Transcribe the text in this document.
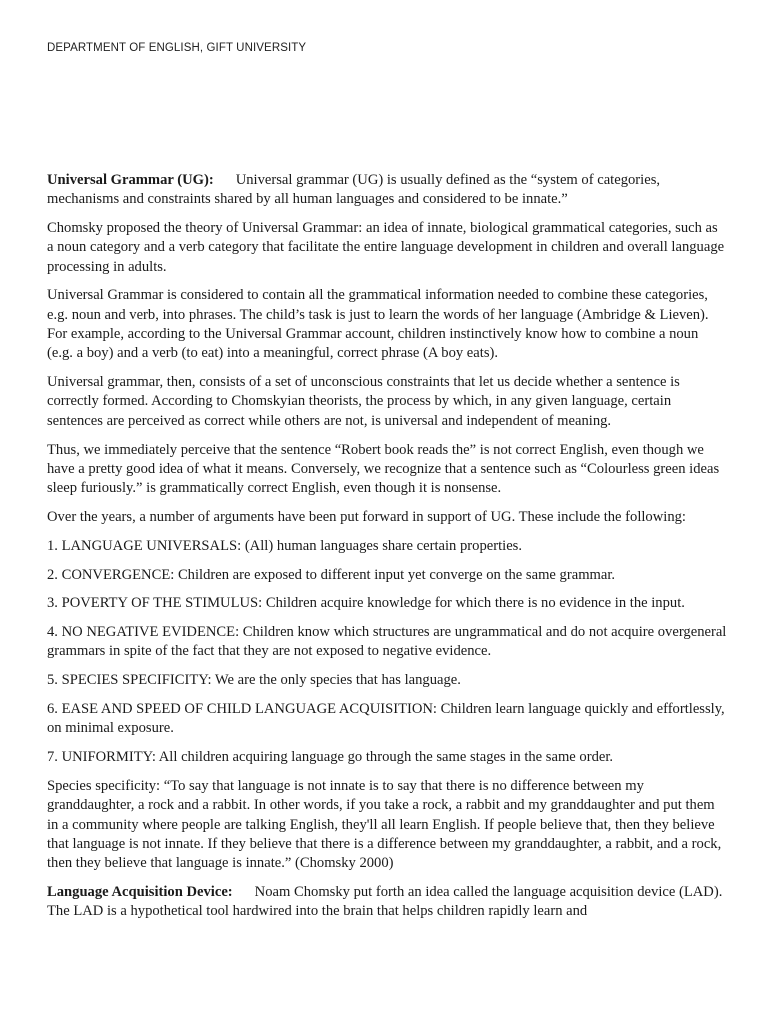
DEPARTMENT OF ENGLISH, GIFT UNIVERSITY

Universal Grammar (UG): Universal grammar (UG) is usually defined as the “system of categories, mechanisms and constraints shared by all human languages and considered to be innate.”

Chomsky proposed the theory of Universal Grammar: an idea of innate, biological grammatical categories, such as a noun category and a verb category that facilitate the entire language development in children and overall language processing in adults.

Universal Grammar is considered to contain all the grammatical information needed to combine these categories, e.g. noun and verb, into phrases. The child’s task is just to learn the words of her language (Ambridge & Lieven). For example, according to the Universal Grammar account, children instinctively know how to combine a noun (e.g. a boy) and a verb (to eat) into a meaningful, correct phrase (A boy eats).

Universal grammar, then, consists of a set of unconscious constraints that let us decide whether a sentence is correctly formed. According to Chomskyian theorists, the process by which, in any given language, certain sentences are perceived as correct while others are not, is universal and independent of meaning.

Thus, we immediately perceive that the sentence “Robert book reads the” is not correct English, even though we have a pretty good idea of what it means. Conversely, we recognize that a sentence such as “Colourless green ideas sleep furiously.” is grammatically correct English, even though it is nonsense.

Over the years, a number of arguments have been put forward in support of UG. These include the following:

1. LANGUAGE UNIVERSALS: (All) human languages share certain properties.

2. CONVERGENCE: Children are exposed to different input yet converge on the same grammar.

3. POVERTY OF THE STIMULUS: Children acquire knowledge for which there is no evidence in the input.

4. NO NEGATIVE EVIDENCE: Children know which structures are ungrammatical and do not acquire overgeneral grammars in spite of the fact that they are not exposed to negative evidence.

5. SPECIES SPECIFICITY: We are the only species that has language.

6. EASE AND SPEED OF CHILD LANGUAGE ACQUISITION: Children learn language quickly and effortlessly, on minimal exposure.

7. UNIFORMITY: All children acquiring language go through the same stages in the same order.

Species specificity: “To say that language is not innate is to say that there is no difference between my granddaughter, a rock and a rabbit. In other words, if you take a rock, a rabbit and my granddaughter and put them in a community where people are talking English, they'll all learn English. If people believe that, then they believe that language is not innate. If they believe that there is a difference between my granddaughter, a rabbit, and a rock, then they believe that language is innate.” (Chomsky 2000)

Language Acquisition Device: Noam Chomsky put forth an idea called the language acquisition device (LAD). The LAD is a hypothetical tool hardwired into the brain that helps children rapidly learn and
